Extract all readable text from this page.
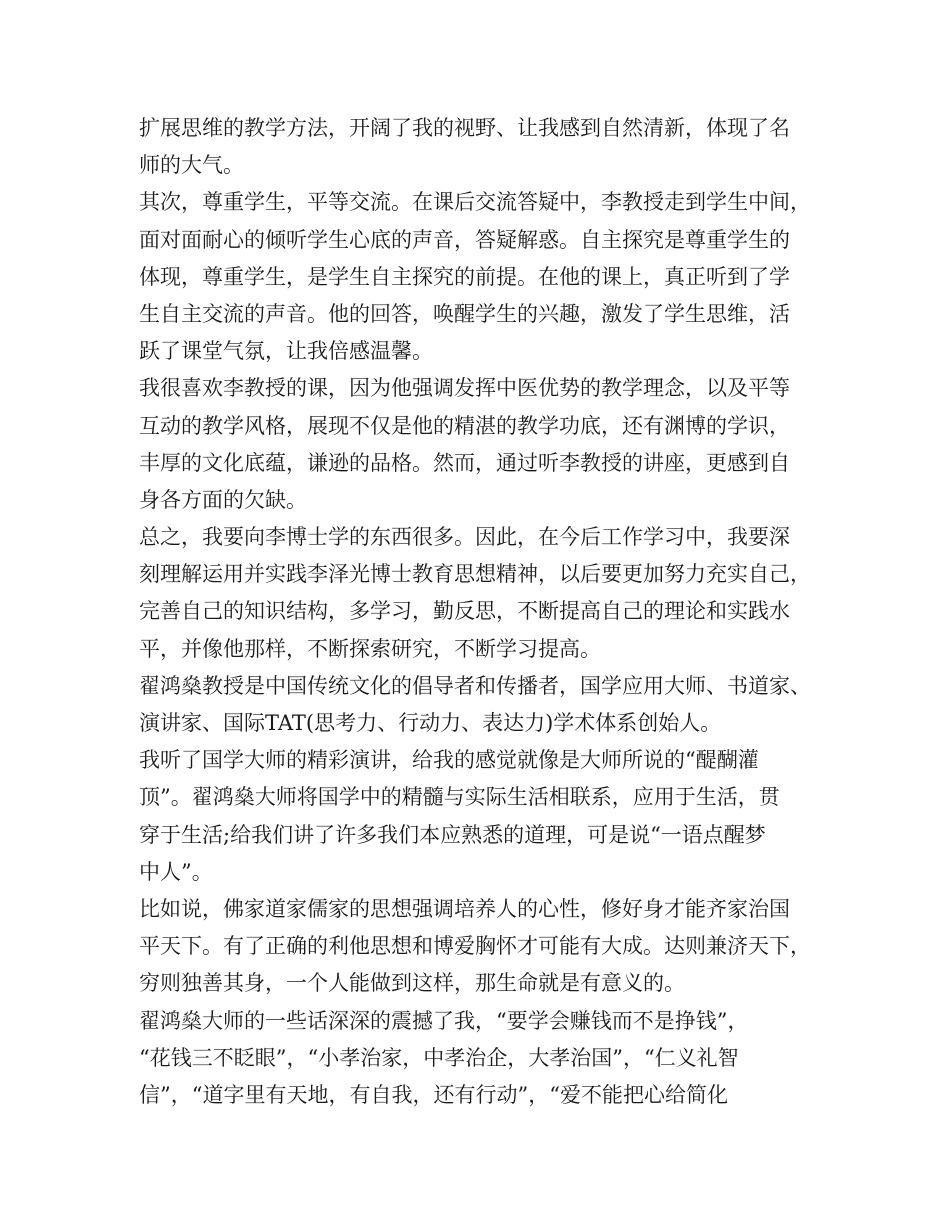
扩展思维的教学方法，开阔了我的视野、让我感到自然清新，体现了名
师的大气。
其次，尊重学生，平等交流。在课后交流答疑中，李教授走到学生中间，
面对面耐心的倾听学生心底的声音，答疑解惑。自主探究是尊重学生的
体现，尊重学生，是学生自主探究的前提。在他的课上，真正听到了学
生自主交流的声音。他的回答，唤醒学生的兴趣，激发了学生思维，活
跃了课堂气氛，让我倍感温馨。
我很喜欢李教授的课，因为他强调发挥中医优势的教学理念，以及平等
互动的教学风格，展现不仅是他的精湛的教学功底，还有渊博的学识，
丰厚的文化底蕴，谦逊的品格。然而，通过听李教授的讲座，更感到自
身各方面的欠缺。
总之，我要向李博士学的东西很多。因此，在今后工作学习中，我要深
刻理解运用并实践李泽光博士教育思想精神，以后要更加努力充实自己，
完善自己的知识结构，多学习，勤反思，不断提高自己的理论和实践水
平，并像他那样，不断探索研究，不断学习提高。
翟鸿燊教授是中国传统文化的倡导者和传播者，国学应用大师、书道家、
演讲家、国际TAT(思考力、行动力、表达力)学术体系创始人。
我听了国学大师的精彩演讲，给我的感觉就像是大师所说的“醍醐灌
顶”。翟鸿燊大师将国学中的精髓与实际生活相联系，应用于生活，贯
穿于生活;给我们讲了许多我们本应熟悉的道理，可是说“一语点醒梦
中人”。
比如说，佛家道家儒家的思想强调培养人的心性，修好身才能齐家治国
平天下。有了正确的利他思想和博爱胸怀才可能有大成。达则兼济天下，
穷则独善其身，一个人能做到这样，那生命就是有意义的。
翟鸿燊大师的一些话深深的震撼了我，“要学会赚钱而不是挣钱”，
“花钱三不眨眼”，“小孝治家，中孝治企，大孝治国”，“仁义礼智
信”，“道字里有天地，有自我，还有行动”，“爱不能把心给简化
